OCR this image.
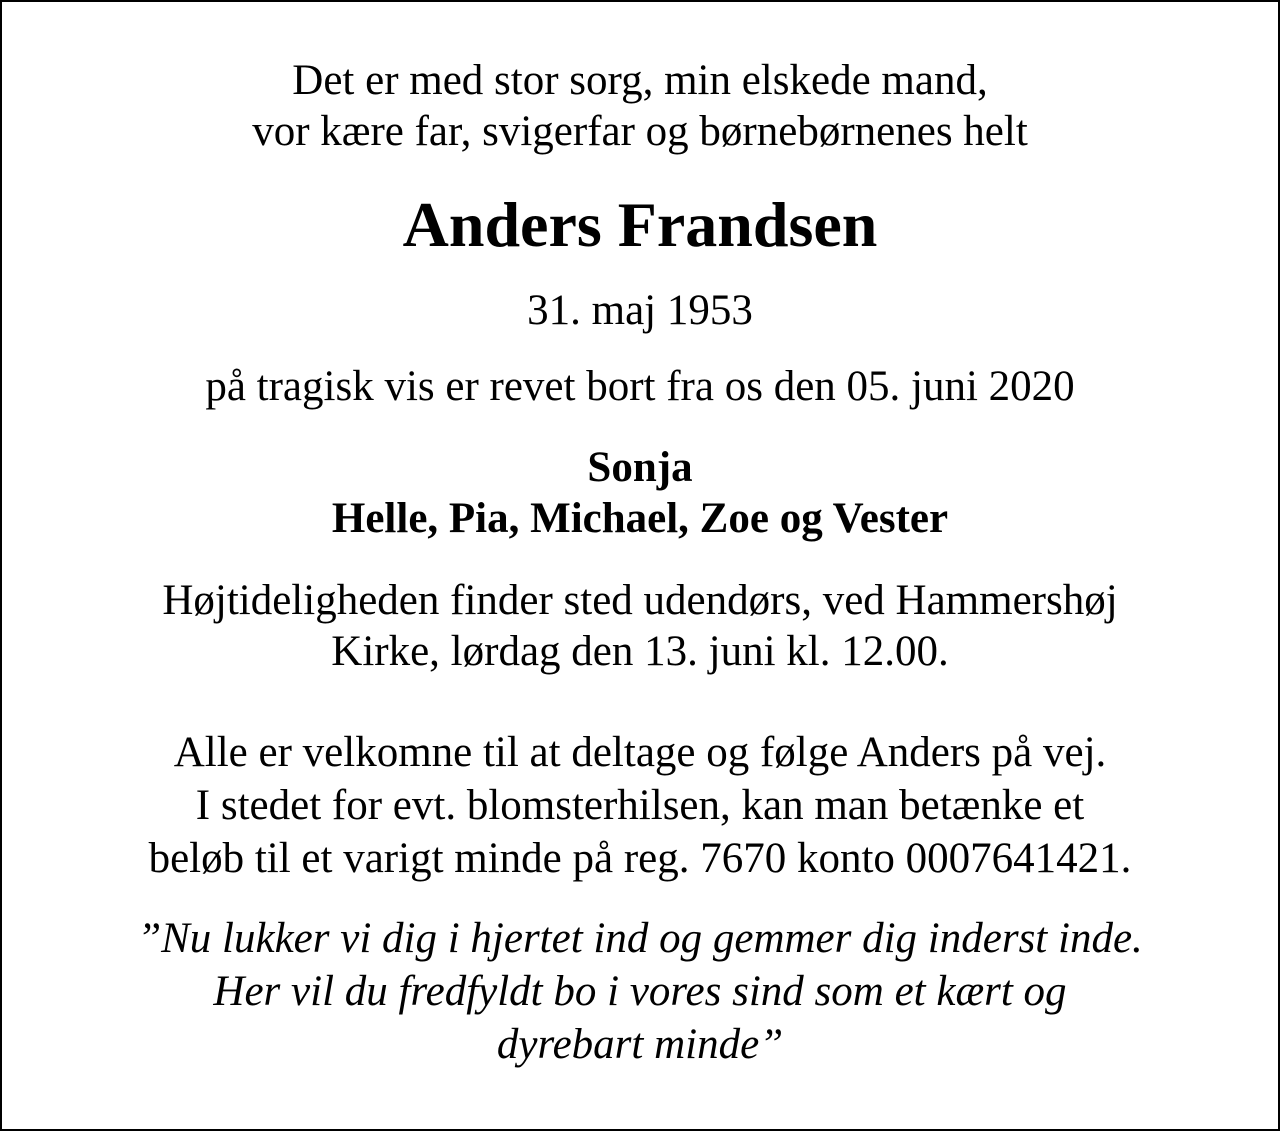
Det er med stor sorg, min elskede mand,
vor kære far, svigerfar og børnebørnenes helt
Anders Frandsen
31. maj 1953
på tragisk vis er revet bort fra os den 05. juni 2020
Sonja
Helle, Pia, Michael, Zoe og Vester
Højtideligheden finder sted udendørs, ved Hammershøj
Kirke, lørdag den 13. juni kl. 12.00.
Alle er velkomne til at deltage og følge Anders på vej.
I stedet for evt. blomsterhilsen, kan man betænke et
beløb til et varigt minde på reg. 7670 konto 0007641421.
”Nu lukker vi dig i hjertet ind og gemmer dig inderst inde.
Her vil du fredfyldt bo i vores sind som et kært og
dyrebart minde”
